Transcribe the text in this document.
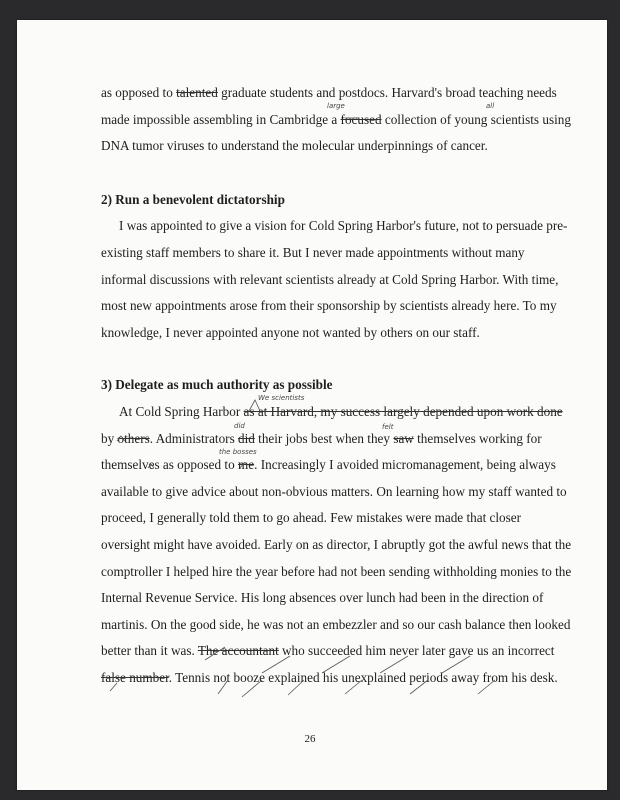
as opposed to talented graduate students and postdocs. Harvard's broad teaching needs
made impossible assembling in Cambridge a focused collection of young scientists using
DNA tumor viruses to understand the molecular underpinnings of cancer.
2) Run a benevolent dictatorship
I was appointed to give a vision for Cold Spring Harbor's future, not to persuade pre-
existing staff members to share it. But I never made appointments without many
informal discussions with relevant scientists already at Cold Spring Harbor. With time,
most new appointments arose from their sponsorship by scientists already here. To my
knowledge, I never appointed anyone not wanted by others on our staff.
3) Delegate as much authority as possible
At Cold Spring Harbor as at Harvard, my success largely depended upon work done
by others. Administrators did their jobs best when they saw themselves working for
themselves as opposed to me. Increasingly I avoided micromanagement, being always
available to give advice about non-obvious matters. On learning how my staff wanted to
proceed, I generally told them to go ahead. Few mistakes were made that closer
oversight might have avoided. Early on as director, I abruptly got the awful news that the
comptroller I helped hire the year before had not been sending withholding monies to the
Internal Revenue Service. His long absences over lunch had been in the direction of
martinis. On the good side, he was not an embezzler and so our cash balance then looked
better than it was. The accountant who succeeded him never later gave us an incorrect
false number. Tennis not booze explained his unexplained periods away from his desk.
large	all
We scientists
did	felt
the bosses
26
